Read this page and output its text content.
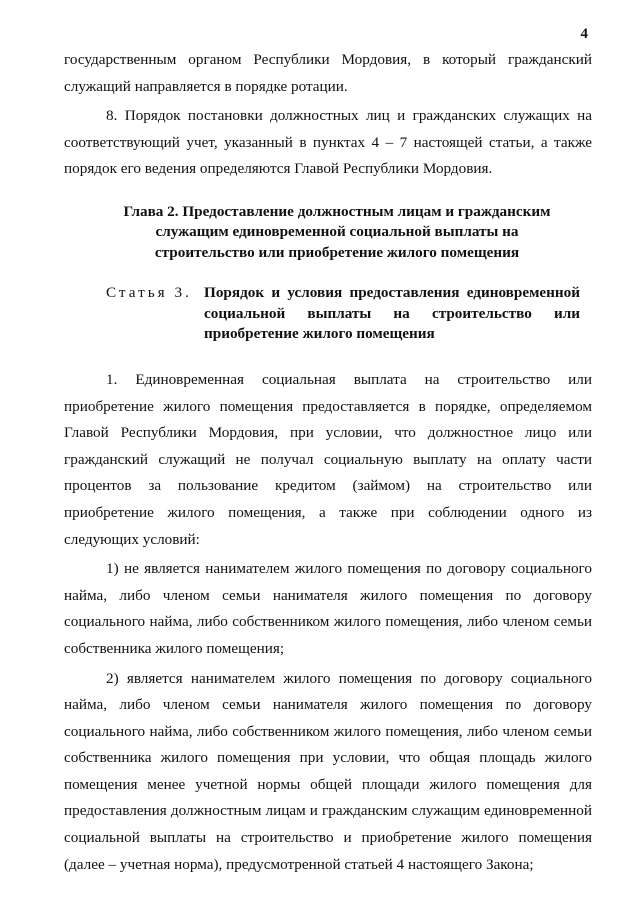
4

государственным органом Республики Мордовия, в который гражданский служащий направляется в порядке ротации.

8. Порядок постановки должностных лиц и гражданских служащих на соответствующий учет, указанный в пунктах 4 – 7 настоящей статьи, а также порядок его ведения определяются Главой Республики Мордовия.

Глава 2. Предоставление должностным лицам и гражданским служащим единовременной социальной выплаты на строительство или приобретение жилого помещения
Статья 3. Порядок и условия предоставления единовременной социальной выплаты на строительство или приобретение жилого помещения

1. Единовременная социальная выплата на строительство или приобретение жилого помещения предоставляется в порядке, определяемом Главой Республики Мордовия, при условии, что должностное лицо или гражданский служащий не получал социальную выплату на оплату части процентов за пользование кредитом (займом) на строительство или приобретение жилого помещения, а также при соблюдении одного из следующих условий:

1) не является нанимателем жилого помещения по договору социального найма, либо членом семьи нанимателя жилого помещения по договору социального найма, либо собственником жилого помещения, либо членом семьи собственника жилого помещения;

2) является нанимателем жилого помещения по договору социального найма, либо членом семьи нанимателя жилого помещения по договору социального найма, либо собственником жилого помещения, либо членом семьи собственника жилого помещения при условии, что общая площадь жилого помещения менее учетной нормы общей площади жилого помещения для предоставления должностным лицам и гражданским служащим единовременной социальной выплаты на строительство и приобретение жилого помещения (далее – учетная норма), предусмотренной статьей 4 настоящего Закона;
